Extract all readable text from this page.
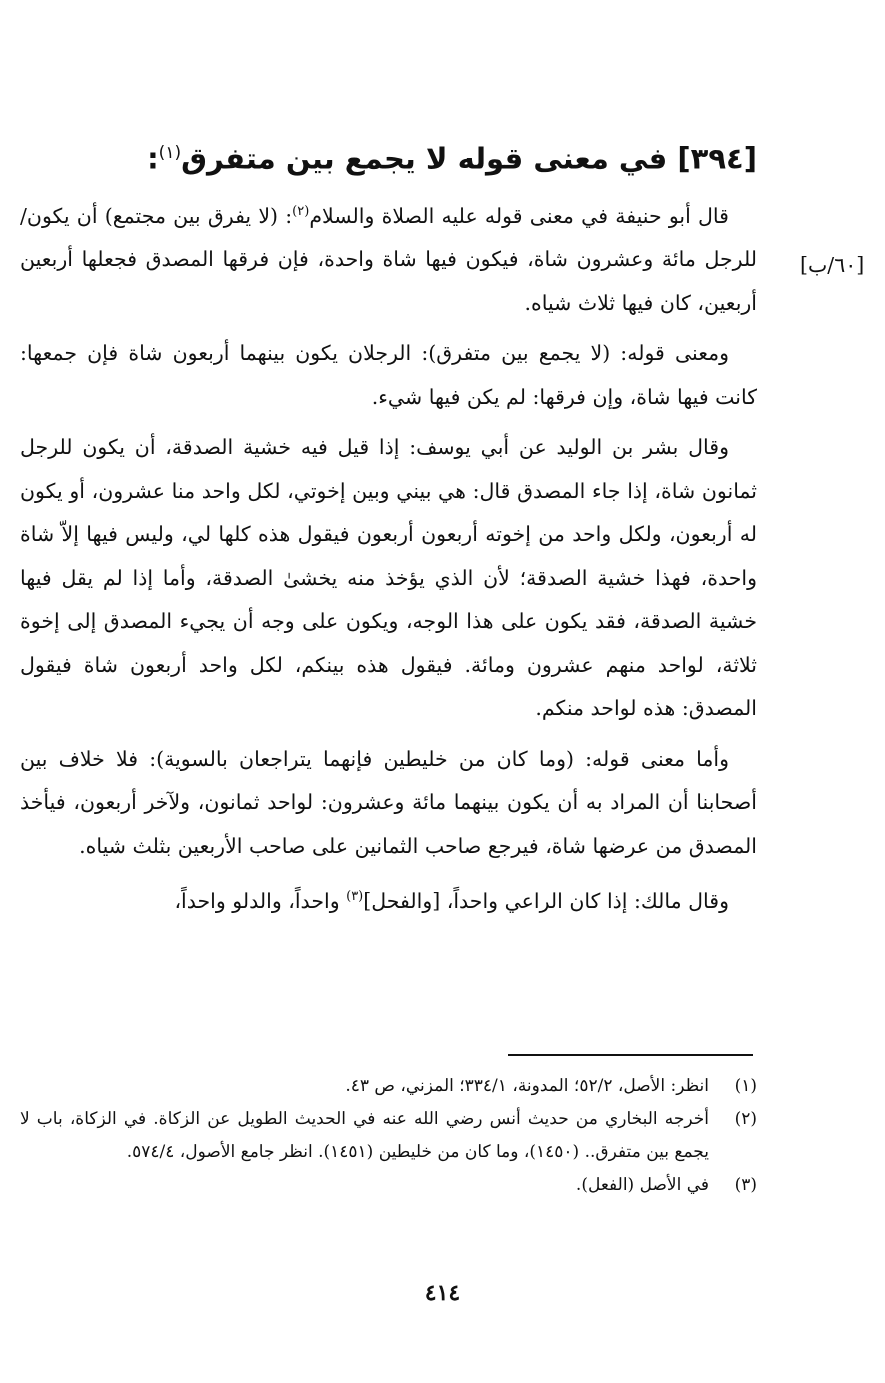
[٣٩٤] في معنى قوله لا يجمع بين متفرق$^{(١)}$:
[٦٠/ب]

قال أبو حنيفة في معنى قوله عليه الصلاة والسلام$^{(٢)}$: (لا يفرق بين مجتمع) أن يكون/ للرجل مائة وعشرون شاة، فيكون فيها شاة واحدة، فإن فرقها المصدق فجعلها أربعين أربعين، كان فيها ثلاث شياه.

ومعنى قوله: (لا يجمع بين متفرق): الرجلان يكون بينهما أربعون شاة فإن جمعها: كانت فيها شاة، وإن فرقها: لم يكن فيها شيء.

وقال بشر بن الوليد عن أبي يوسف: إذا قيل فيه خشية الصدقة، أن يكون للرجل ثمانون شاة، إذا جاء المصدق قال: هي بيني وبين إخوتي، لكل واحد منا عشرون، أو يكون له أربعون، ولكل واحد من إخوته أربعون أربعون فيقول هذه كلها لي، وليس فيها إلاّ شاة واحدة، فهذا خشية الصدقة؛ لأن الذي يؤخذ منه يخشىٰ الصدقة، وأما إذا لم يقل فيها خشية الصدقة، فقد يكون على هذا الوجه، ويكون على وجه أن يجيء المصدق إلى إخوة ثلاثة، لواحد منهم عشرون ومائة. فيقول هذه بينكم، لكل واحد أربعون شاة فيقول المصدق: هذه لواحد منكم.

وأما معنى قوله: (وما كان من خليطين فإنهما يتراجعان بالسوية): فلا خلاف بين أصحابنا أن المراد به أن يكون بينهما مائة وعشرون: لواحد ثمانون، ولآخر أربعون، فيأخذ المصدق من عرضها شاة، فيرجع صاحب الثمانين على صاحب الأربعين بثلث شياه.

وقال مالك: إذا كان الراعي واحداً، [والفحل]$^{(٣)}$ واحداً، والدلو واحداً،

(١)
انظر: الأصل، ٥٢/٢؛ المدونة، ٣٣٤/١؛ المزني، ص ٤٣.
(٢)
أخرجه البخاري من حديث أنس رضي الله عنه في الحديث الطويل عن الزكاة. في الزكاة، باب لا يجمع بين متفرق.. (١٤٥٠)، وما كان من خليطين (١٤٥١). انظر جامع الأصول، ٥٧٤/٤.
(٣)
في الأصل (الفعل).
٤١٤
